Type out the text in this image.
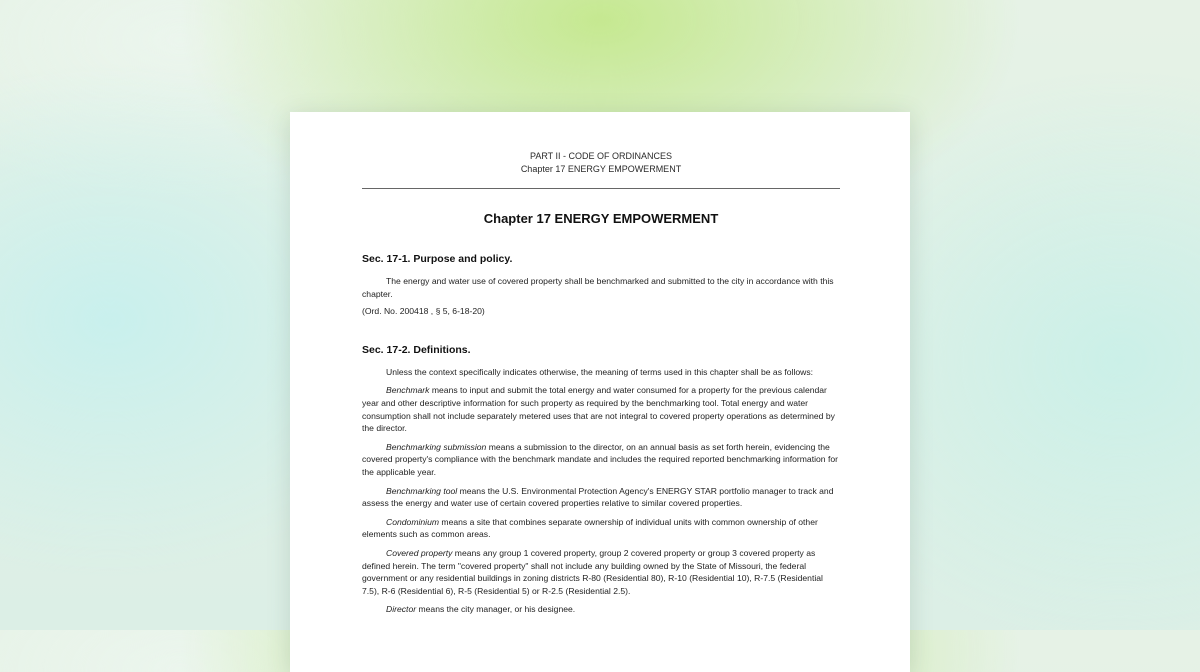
PART II - CODE OF ORDINANCES
Chapter 17 ENERGY EMPOWERMENT
Chapter 17 ENERGY EMPOWERMENT
Sec. 17-1. Purpose and policy.

The energy and water use of covered property shall be benchmarked and submitted to the city in accordance with this chapter.

(Ord. No. 200418 , § 5, 6-18-20)

Sec. 17-2. Definitions.

Unless the context specifically indicates otherwise, the meaning of terms used in this chapter shall be as follows:

Benchmark means to input and submit the total energy and water consumed for a property for the previous calendar year and other descriptive information for such property as required by the benchmarking tool. Total energy and water consumption shall not include separately metered uses that are not integral to covered property operations as determined by the director.

Benchmarking submission means a submission to the director, on an annual basis as set forth herein, evidencing the covered property's compliance with the benchmark mandate and includes the required reported benchmarking information for the applicable year.

Benchmarking tool means the U.S. Environmental Protection Agency's ENERGY STAR portfolio manager to track and assess the energy and water use of certain covered properties relative to similar covered properties.

Condominium means a site that combines separate ownership of individual units with common ownership of other elements such as common areas.

Covered property means any group 1 covered property, group 2 covered property or group 3 covered property as defined herein. The term "covered property" shall not include any building owned by the State of Missouri, the federal government or any residential buildings in zoning districts R-80 (Residential 80), R-10 (Residential 10), R-7.5 (Residential 7.5), R-6 (Residential 6), R-5 (Residential 5) or R-2.5 (Residential 2.5).

Director means the city manager, or his designee.
